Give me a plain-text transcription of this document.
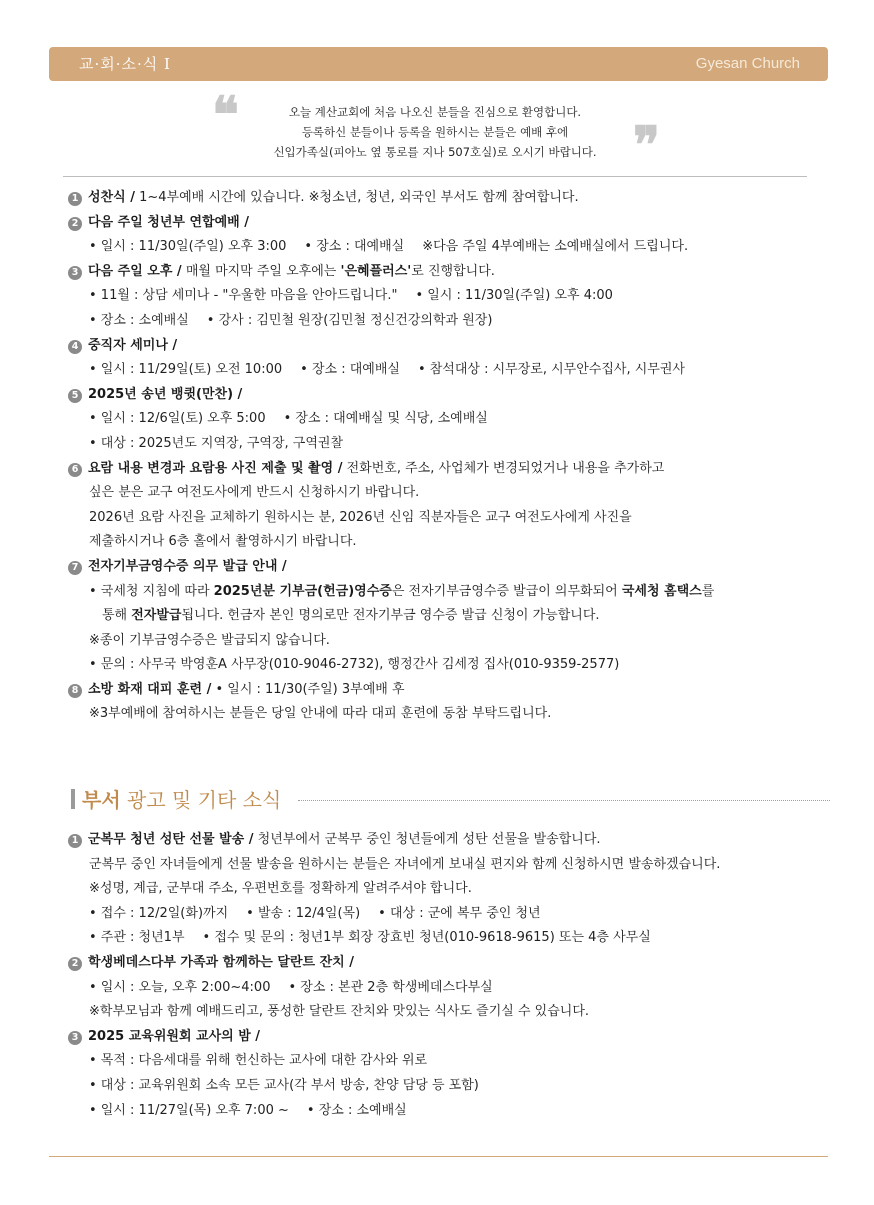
교·회·소·식 I	Gyesan Church
❝	오늘 계산교회에 처음 나오신 분들을 진심으로 환영합니다.
등록하신 분들이나 등록을 원하시는 분들은 예배 후에
신입가족실(피아노 옆 통로를 지나 507호실)로 오시기 바랍니다. ❞
1 성찬식 / 1~4부예배 시간에 있습니다. ※청소년, 청년, 외국인 부서도 함께 참여합니다.
2 다음 주일 청년부 연합예배 /
• 일시 : 11/30일(주일) 오후 3:00 • 장소 : 대예배실 ※다음 주일 4부예배는 소예배실에서 드립니다.
3 다음 주일 오후 / 매월 마지막 주일 오후에는 '은혜플러스'로 진행합니다.
• 11월 : 상담 세미나 - "우울한 마음을 안아드립니다." • 일시 : 11/30일(주일) 오후 4:00
• 장소 : 소예배실 • 강사 : 김민철 원장(김민철 정신건강의학과 원장)
4 중직자 세미나 /
• 일시 : 11/29일(토) 오전 10:00 • 장소 : 대예배실 • 참석대상 : 시무장로, 시무안수집사, 시무권사
5 2025년 송년 뱅큇(만찬) /
• 일시 : 12/6일(토) 오후 5:00 • 장소 : 대예배실 및 식당, 소예배실
• 대상 : 2025년도 지역장, 구역장, 구역권찰
6 요람 내용 변경과 요람용 사진 제출 및 촬영 / 전화번호, 주소, 사업체가 변경되었거나 내용을 추가하고
싶은 분은 교구 여전도사에게 반드시 신청하시기 바랍니다.
2026년 요람 사진을 교체하기 원하시는 분, 2026년 신임 직분자들은 교구 여전도사에게 사진을
제출하시거나 6층 홀에서 촬영하시기 바랍니다.
7 전자기부금영수증 의무 발급 안내 /
• 국세청 지침에 따라 2025년분 기부금(헌금)영수증은 전자기부금영수증 발급이 의무화되어 국세청 홈택스를
통해 전자발급됩니다. 헌금자 본인 명의로만 전자기부금 영수증 발급 신청이 가능합니다.
※종이 기부금영수증은 발급되지 않습니다.
• 문의 : 사무국 박영훈A 사무장(010-9046-2732), 행정간사 김세정 집사(010-9359-2577)
8 소방 화재 대피 훈련 / • 일시 : 11/30(주일) 3부예배 후
※3부예배에 참여하시는 분들은 당일 안내에 따라 대피 훈련에 동참 부탁드립니다.
부서 광고 및 기타 소식
1 군복무 청년 성탄 선물 발송 / 청년부에서 군복무 중인 청년들에게 성탄 선물을 발송합니다.
군복무 중인 자녀들에게 선물 발송을 원하시는 분들은 자녀에게 보내실 편지와 함께 신청하시면 발송하겠습니다.
※성명, 계급, 군부대 주소, 우편번호를 정확하게 알려주셔야 합니다.
• 접수 : 12/2일(화)까지 • 발송 : 12/4일(목) • 대상 : 군에 복무 중인 청년
• 주관 : 청년1부 • 접수 및 문의 : 청년1부 회장 장효빈 청년(010-9618-9615) 또는 4층 사무실
2 학생베데스다부 가족과 함께하는 달란트 잔치 /
• 일시 : 오늘, 오후 2:00~4:00 • 장소 : 본관 2층 학생베데스다부실
※학부모님과 함께 예배드리고, 풍성한 달란트 잔치와 맛있는 식사도 즐기실 수 있습니다.
3 2025 교육위원회 교사의 밤 /
• 목적 : 다음세대를 위해 헌신하는 교사에 대한 감사와 위로
• 대상 : 교육위원회 소속 모든 교사(각 부서 방송, 찬양 담당 등 포함)
• 일시 : 11/27일(목) 오후 7:00 ~ • 장소 : 소예배실
